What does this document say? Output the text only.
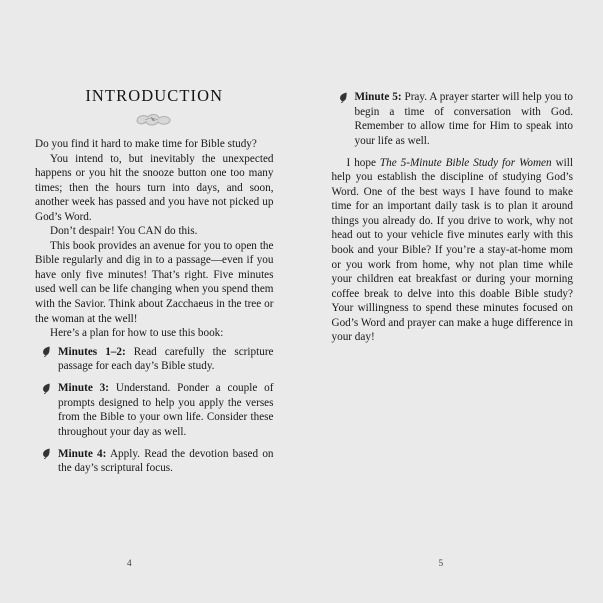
INTRODUCTION

Do you find it hard to make time for Bible study?

You intend to, but inevitably the unexpected happens or you hit the snooze button one too many times; then the hours turn into days, and soon, another week has passed and you have not picked up God’s Word.

Don’t despair! You CAN do this.

This book provides an avenue for you to open the Bible regularly and dig in to a passage—even if you have only five minutes! That’s right. Five minutes used well can be life changing when you spend them with the Savior. Think about Zacchaeus in the tree or the woman at the well!

Here’s a plan for how to use this book:

Minutes 1–2: Read carefully the scripture passage for each day’s Bible study.
Minute 3: Understand. Ponder a couple of prompts designed to help you apply the verses from the Bible to your own life. Consider these throughout your day as well.
Minute 4: Apply. Read the devotion based on the day’s scriptural focus.
4
Minute 5: Pray. A prayer starter will help you to begin a time of conversation with God. Remember to allow time for Him to speak into your life as well.

I hope The 5-Minute Bible Study for Women will help you establish the discipline of studying God’s Word. One of the best ways I have found to make time for an important daily task is to plan it around things you already do. If you drive to work, why not head out to your vehicle five minutes early with this book and your Bible? If you’re a stay-at-home mom or you work from home, why not plan time while your children eat breakfast or during your morning coffee break to delve into this doable Bible study? Your willingness to spend these minutes focused on God’s Word and prayer can make a huge difference in your day!

5
